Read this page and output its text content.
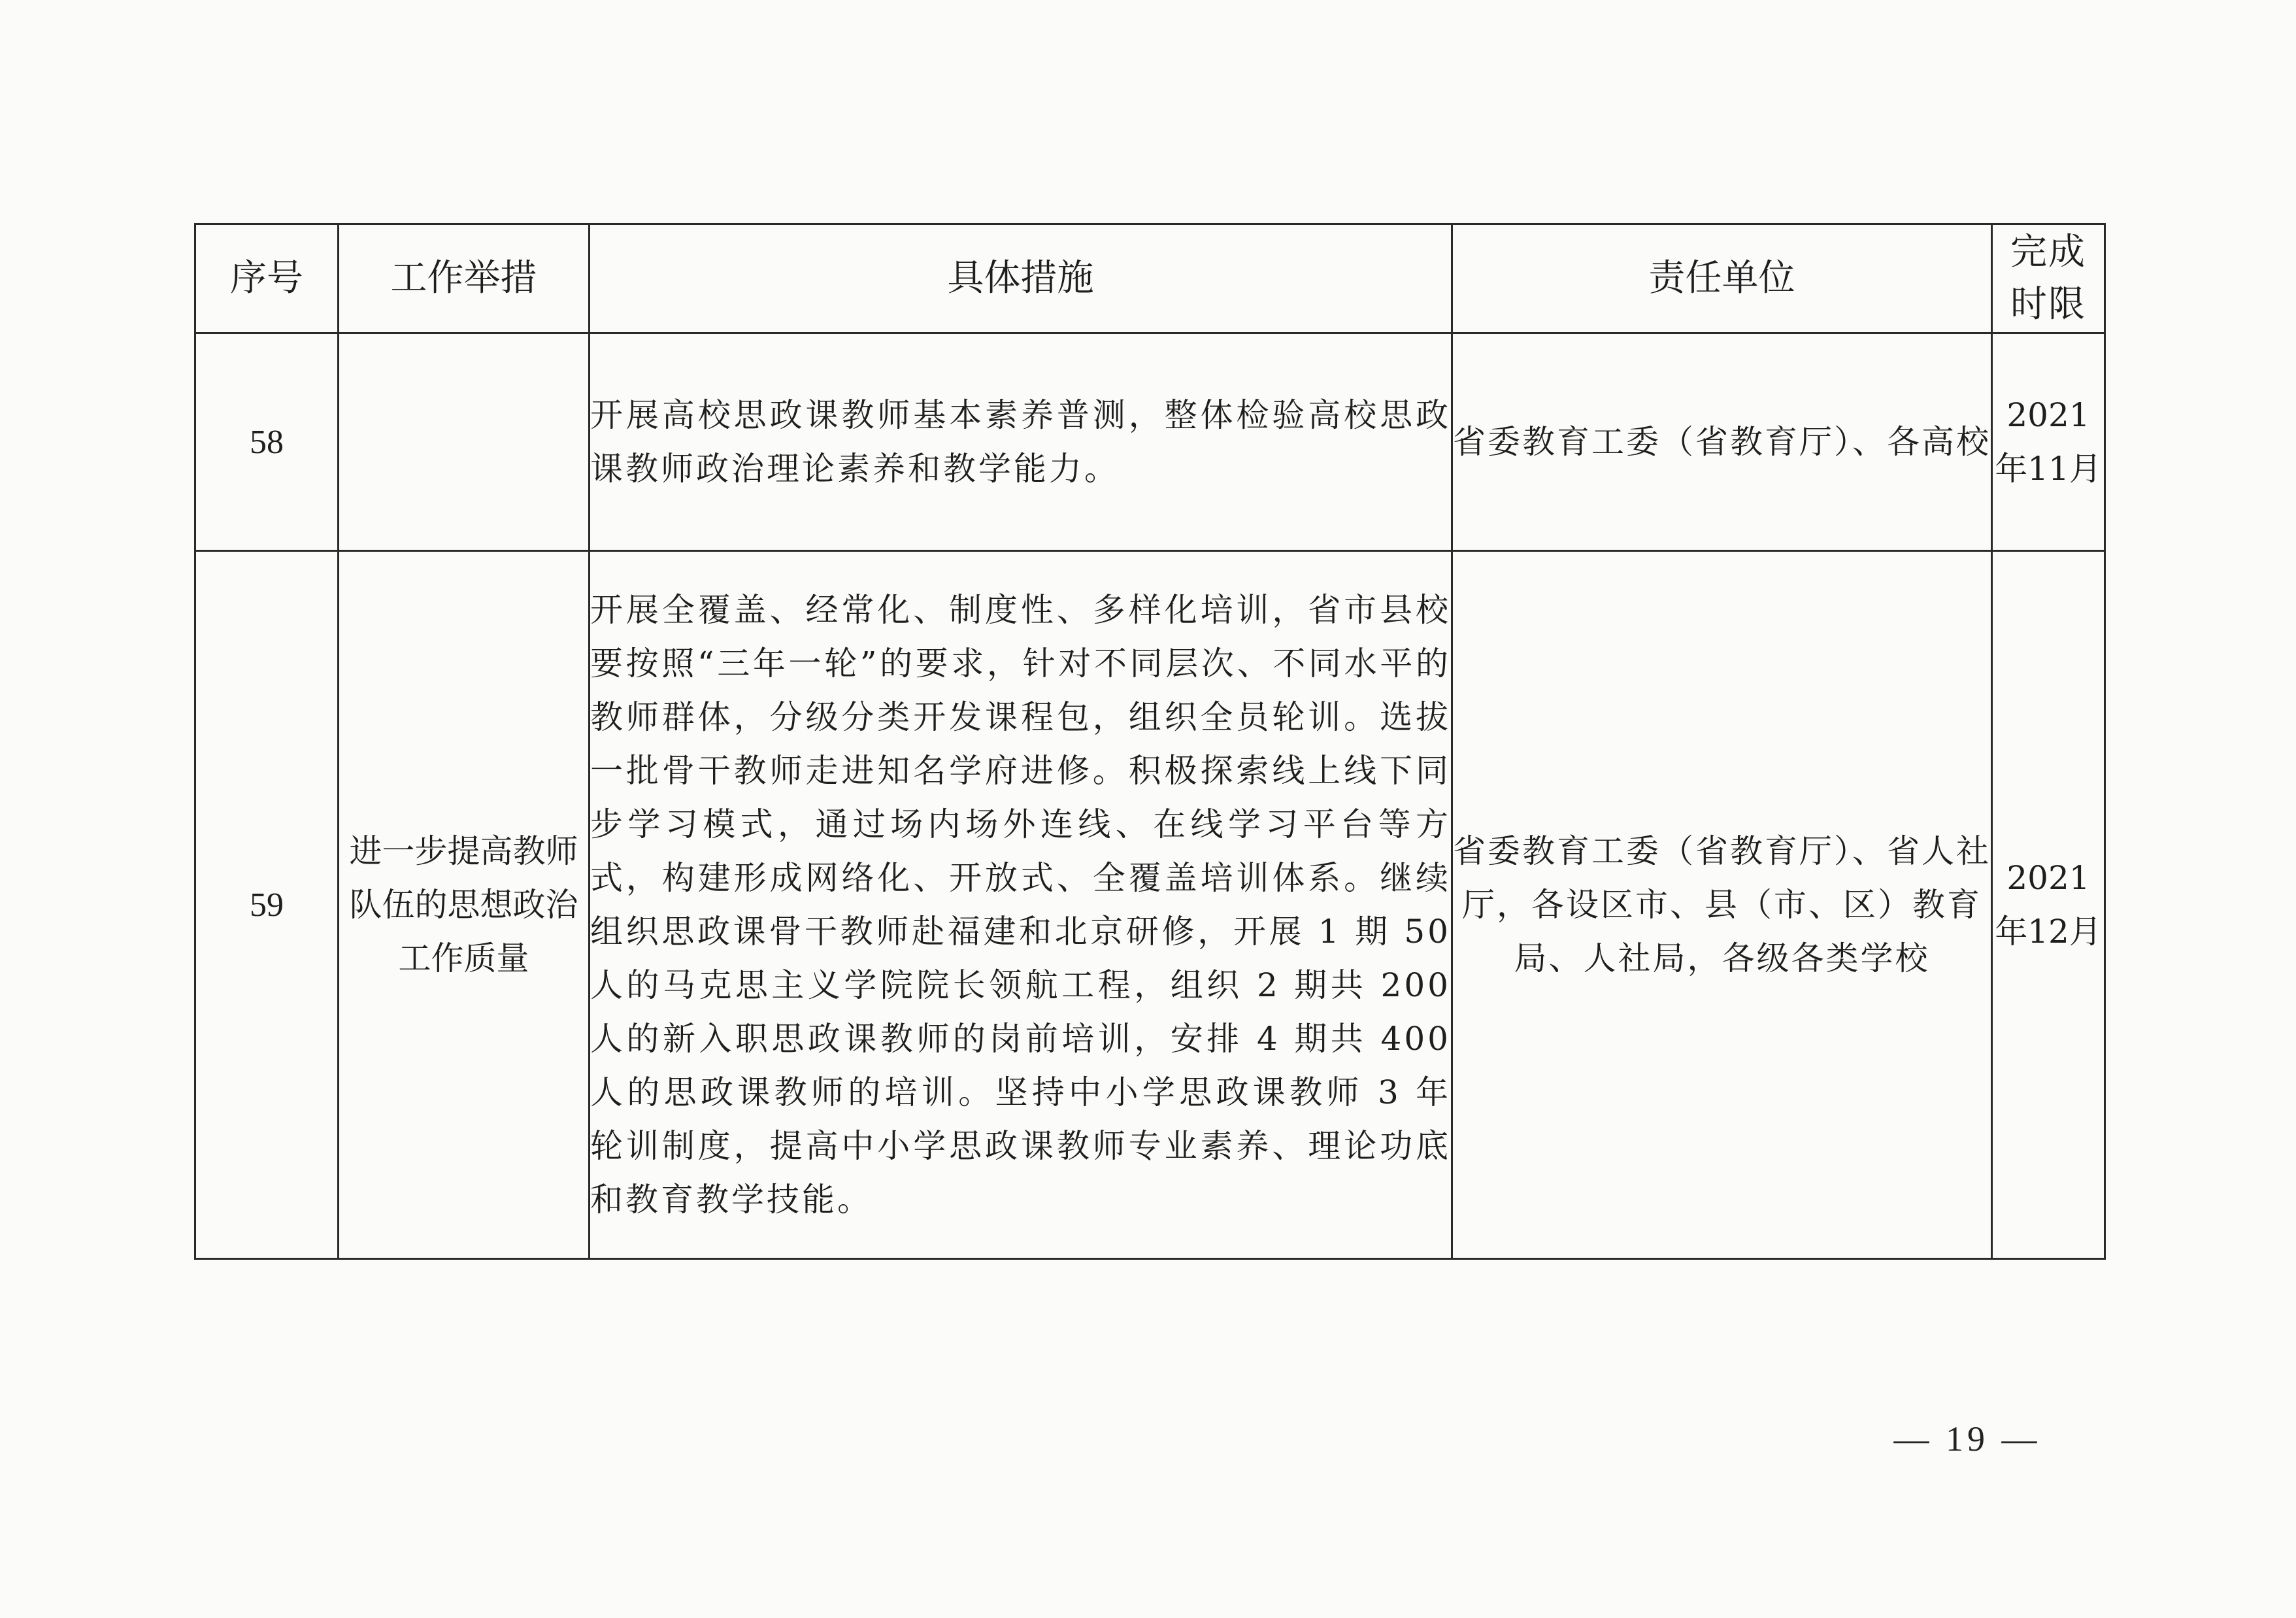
序号	工作举措	具体措施	责任单位	完成时限
58		开展高校思政课教师基本素养普测，整体检验高校思政课教师政治理论素养和教学能力。	省委教育工委（省教育厅）、各高校	2021年11月
59	进一步提高教师队伍的思想政治工作质量	开展全覆盖、经常化、制度性、多样化培训，省市县校要按照“三年一轮”的要求，针对不同层次、不同水平的教师群体，分级分类开发课程包，组织全员轮训。选拔一批骨干教师走进知名学府进修。积极探索线上线下同步学习模式，通过场内场外连线、在线学习平台等方式，构建形成网络化、开放式、全覆盖培训体系。继续组织思政课骨干教师赴福建和北京研修，开展 1 期 50 人的马克思主义学院院长领航工程，组织 2 期共 200 人的新入职思政课教师的岗前培训，安排 4 期共 400 人的思政课教师的培训。坚持中小学思政课教师 3 年轮训制度，提高中小学思政课教师专业素养、理论功底和教育教学技能。	省委教育工委（省教育厅）、省人社厅，各设区市、县（市、区）教育局、人社局，各级各类学校	2021年12月
— 19 —
